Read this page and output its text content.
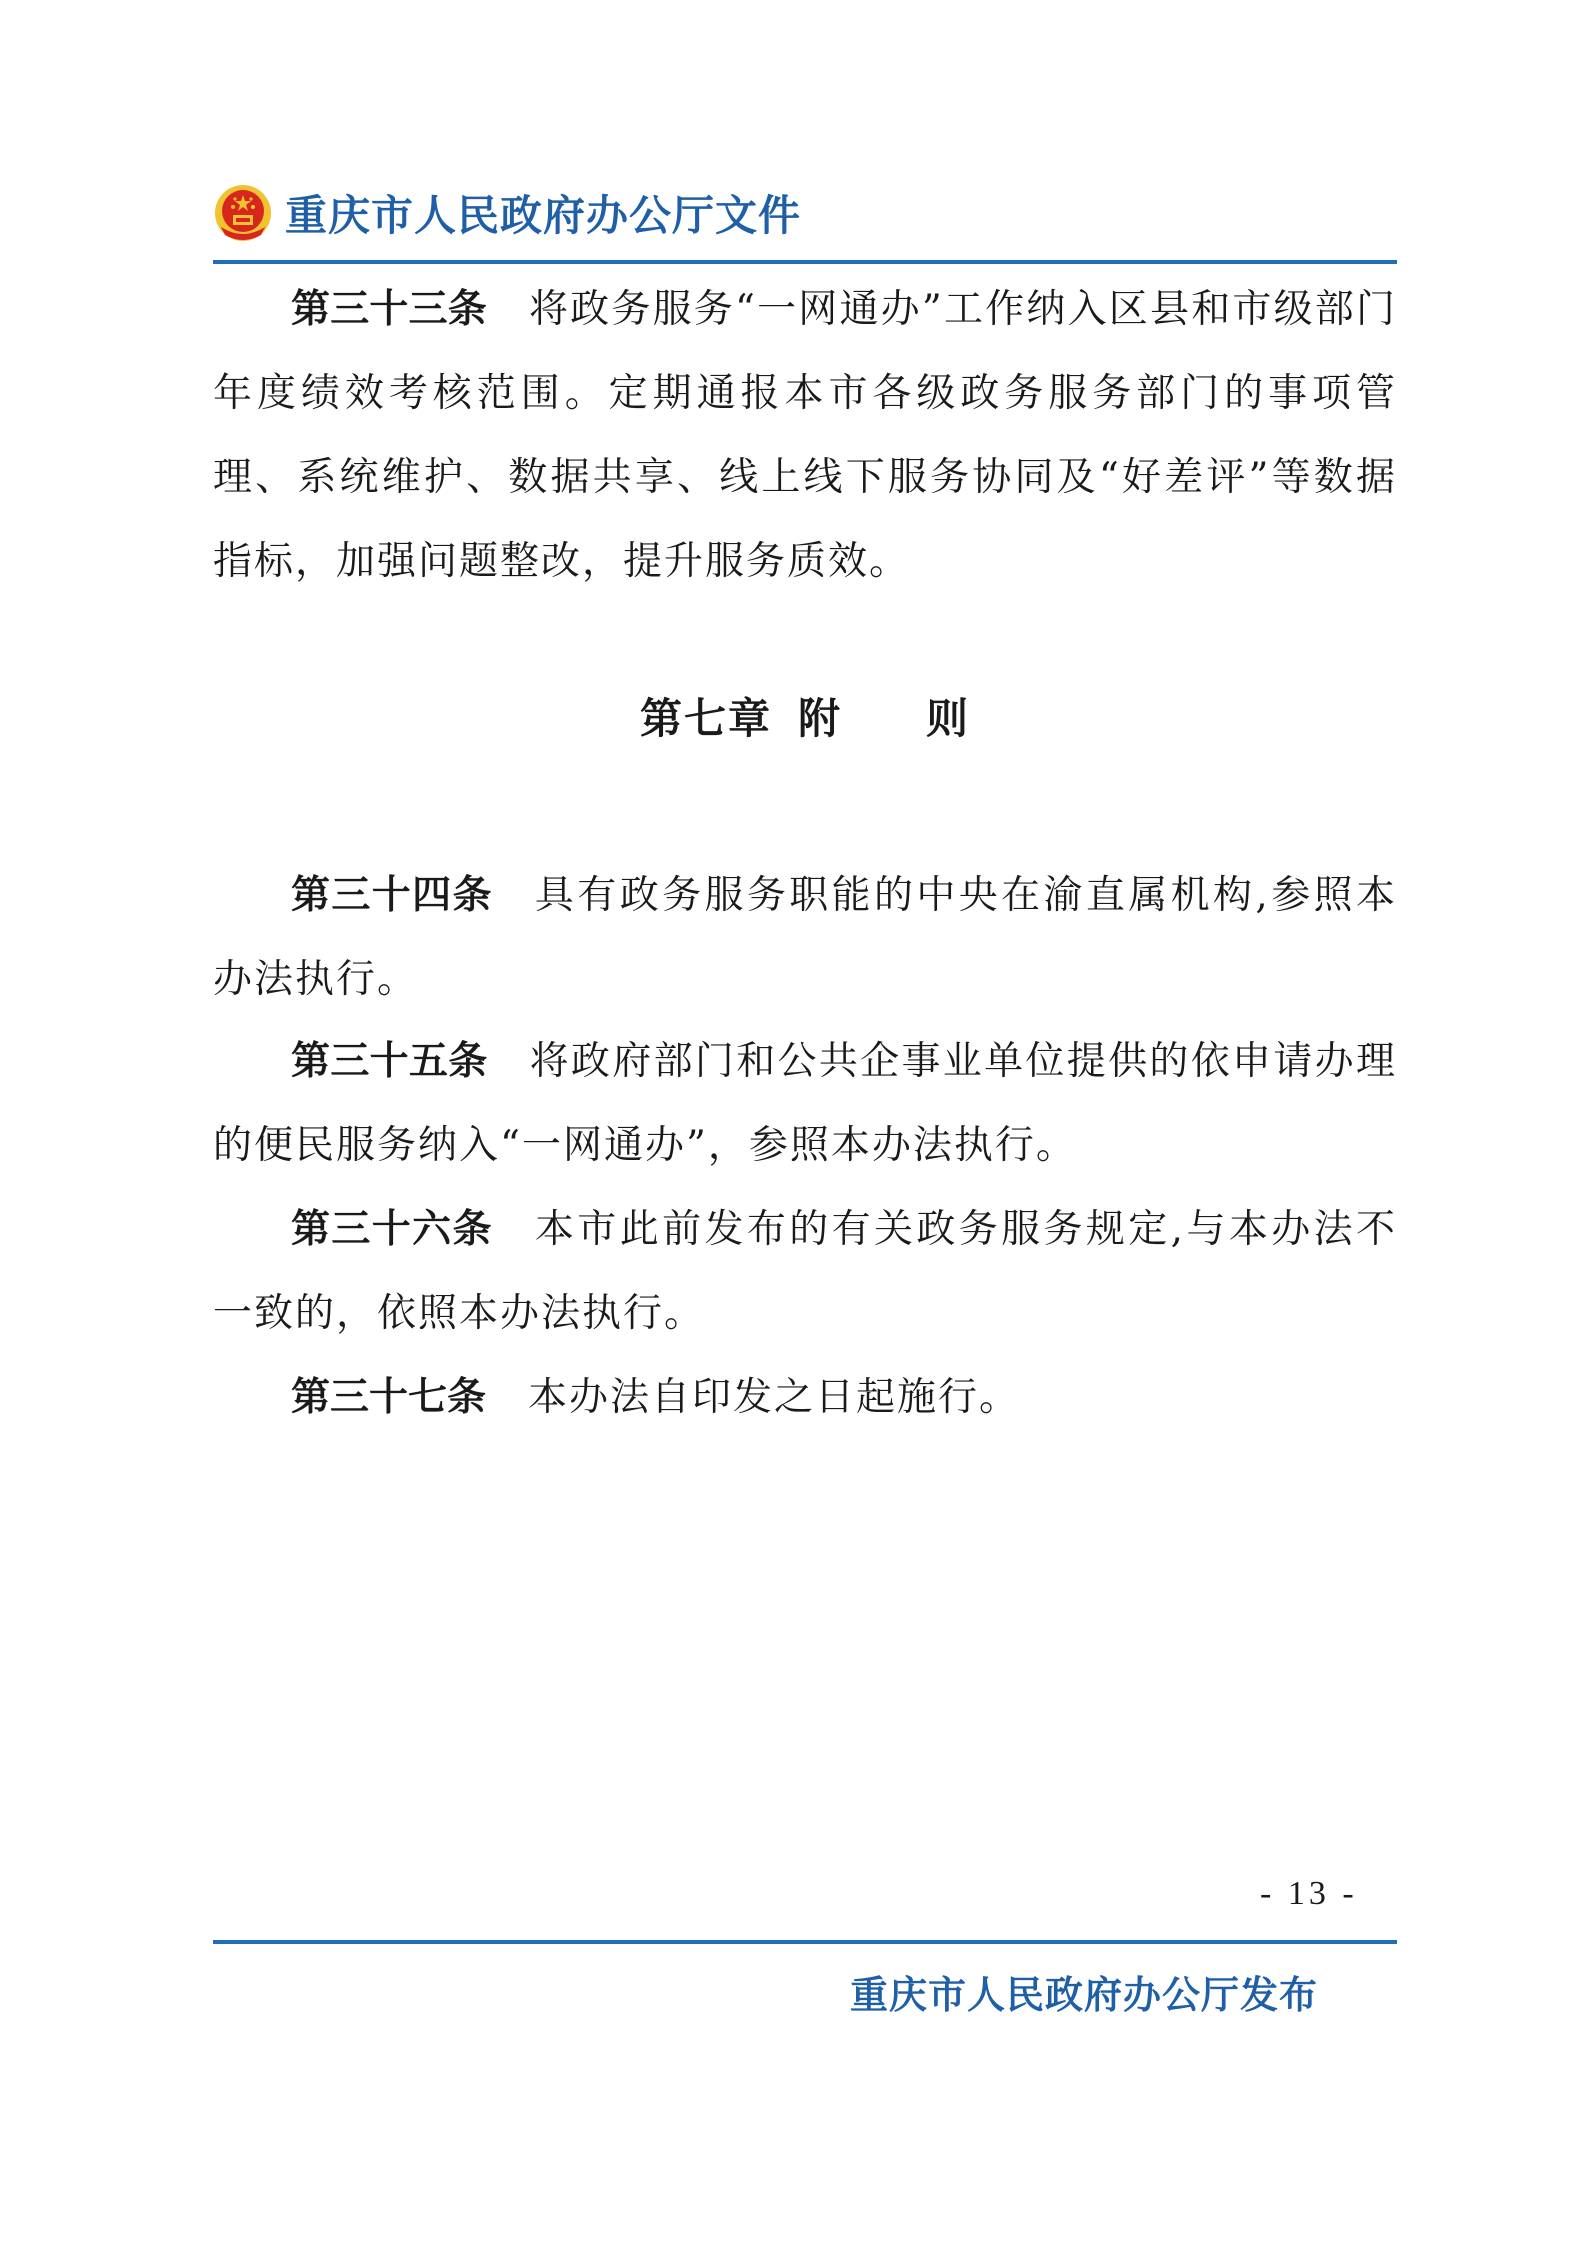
重庆市人民政府办公厅文件

第三十三条 将政务服务“一网通办”工作纳入区县和市级部门年度绩效考核范围。定期通报本市各级政务服务部门的事项管理、系统维护、数据共享、线上线下服务协同及“好差评”等数据指标，加强问题整改，提升服务质效。

第七章 附 则

第三十四条 具有政务服务职能的中央在渝直属机构,参照本办法执行。

第三十五条 将政府部门和公共企事业单位提供的依申请办理的便民服务纳入“一网通办”，参照本办法执行。

第三十六条 本市此前发布的有关政务服务规定,与本办法不一致的，依照本办法执行。

第三十七条 本办法自印发之日起施行。

- 13 -
重庆市人民政府办公厅发布
